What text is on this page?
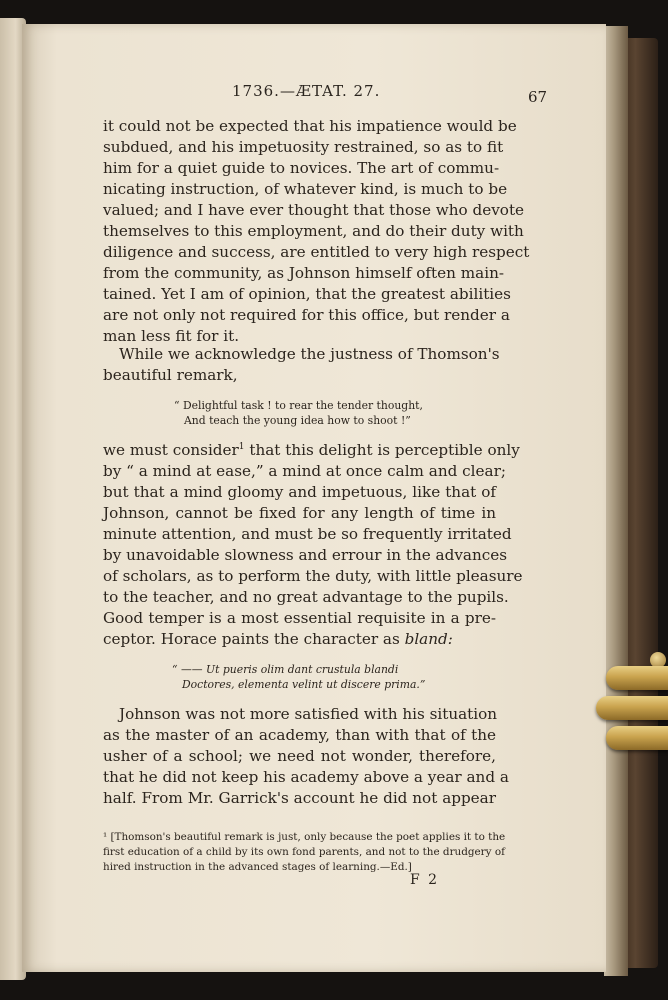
1736.—ÆTAT. 27.	67
it could not be expected that his impatience would be
subdued, and his impetuosity restrained, so as to fit
him for a quiet guide to novices. The art of commu-
nicating instruction, of whatever kind, is much to be
valued; and I have ever thought that those who devote
themselves to this employment, and do their duty with
diligence and success, are entitled to very high respect
from the community, as Johnson himself often main-
tained. Yet I am of opinion, that the greatest abilities
are not only not required for this office, but render a
man less fit for it.
While we acknowledge the justness of Thomson's
beautiful remark,
“ Delightful task ! to rear the tender thought,
And teach the young idea how to shoot !”
we must consider$^1$ that this delight is perceptible only
by “ a mind at ease,” a mind at once calm and clear;
but that a mind gloomy and impetuous, like that of
Johnson, cannot be fixed for any length of time in
minute attention, and must be so frequently irritated
by unavoidable slowness and errour in the advances
of scholars, as to perform the duty, with little pleasure
to the teacher, and no great advantage to the pupils.
Good temper is a most essential requisite in a pre-
ceptor. Horace paints the character as bland:
“ —— Ut pueris olim dant crustula blandi
Doctores, elementa velint ut discere prima.”
Johnson was not more satisfied with his situation
as the master of an academy, than with that of the
usher of a school; we need not wonder, therefore,
that he did not keep his academy above a year and a
half. From Mr. Garrick's account he did not appear
¹ [Thomson's beautiful remark is just, only because the poet applies it to the
first education of a child by its own fond parents, and not to the drudgery of
hired instruction in the advanced stages of learning.—Ed.]
F 2
